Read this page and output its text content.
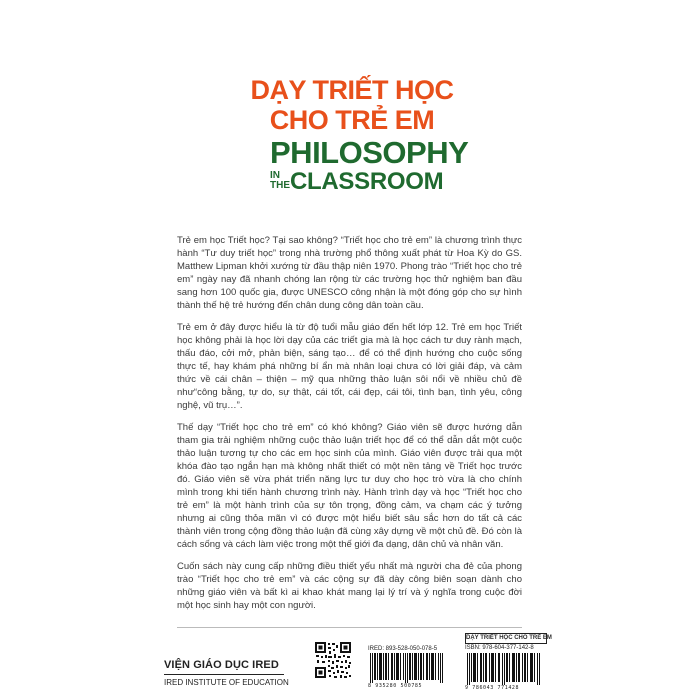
DẠY TRIẾT HỌC
CHO TRẺ EM
PHILOSOPHY
IN
THE CLASSROOM

Trẻ em học Triết học? Tại sao không? “Triết học cho trẻ em” là chương trình thực hành “Tư duy triết học” trong nhà trường phổ thông xuất phát từ Hoa Kỳ do GS. Matthew Lipman khởi xướng từ đầu thập niên 1970. Phong trào “Triết học cho trẻ em” ngày nay đã nhanh chóng lan rộng từ các trường học thử nghiệm ban đầu sang hơn 100 quốc gia, được UNESCO công nhận là một đóng góp cho sự hình thành thế hệ trẻ hướng đến chân dung công dân toàn cầu.

Trẻ em ở đây được hiểu là từ độ tuổi mẫu giáo đến hết lớp 12. Trẻ em học Triết học không phải là học lời dạy của các triết gia mà là học cách tư duy rành mạch, thấu đáo, cởi mở, phản biện, sáng tạo… để có thể định hướng cho cuộc sống thực tế, hay khám phá những bí ẩn mà nhân loại chưa có lời giải đáp, và cảm thức về cái chân – thiện – mỹ qua những thảo luận sôi nổi về nhiều chủ đề như“công bằng, tự do, sự thật, cái tốt, cái đẹp, cái tôi, tình bạn, tình yêu, công nghệ, vũ trụ…”.

Thế dạy “Triết học cho trẻ em” có khó không? Giáo viên sẽ được hướng dẫn tham gia trải nghiệm những cuộc thảo luận triết học để có thể dẫn dắt một cuộc thảo luận tương tự cho các em học sinh của mình. Giáo viên được trải qua một khóa đào tạo ngắn hạn mà không nhất thiết có một nền tảng về Triết học trước đó. Giáo viên sẽ vừa phát triển năng lực tư duy cho học trò vừa là cho chính mình trong khi tiến hành chương trình này. Hành trình dạy và học “Triết học cho trẻ em” là một hành trình của sự tôn trọng, đồng cảm, va chạm các ý tưởng nhưng ai cũng thỏa mãn vì có được một hiểu biết sâu sắc hơn do tất cả các thành viên trong cộng đồng thảo luận đã cùng xây dựng về một chủ đề. Đó còn là cách sống và cách làm việc trong một thế giới đa dạng, dân chủ và nhân văn.

Cuốn sách này cung cấp những điều thiết yếu nhất mà người cha đẻ của phong trào “Triết học cho trẻ em” và các cộng sự đã dày công biên soạn dành cho những giáo viên và bất kì ai khao khát mang lại lý trí và ý nghĩa trong cuộc đời một học sinh hay một con người.

VIỆN GIÁO DỤC IRED
IRED INSTITUTE OF EDUCATION
IRED: 893-528-050-078-5
8 935280 500785
DẠY TRIẾT HỌC CHO TRẺ EM
ISBN: 978-604-377-142-8
9 786043 771428
